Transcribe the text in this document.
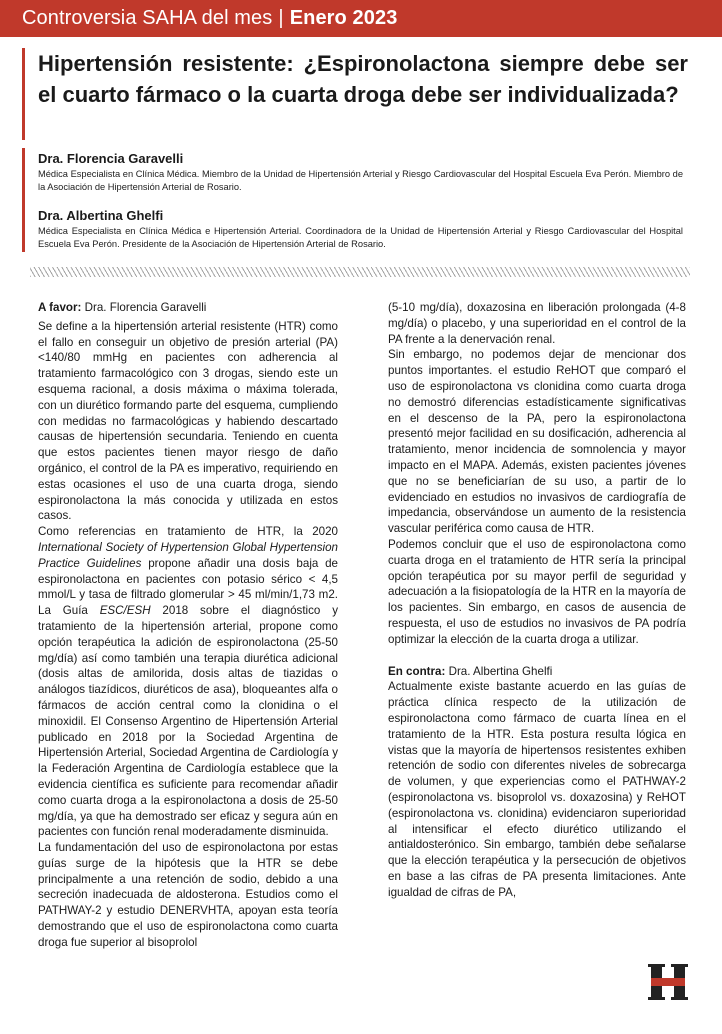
Controversia SAHA del mes | Enero 2023
Hipertensión resistente: ¿Espironolactona siempre debe ser el cuarto fármaco o la cuarta droga debe ser individualizada?
Dra. Florencia Garavelli
Médica Especialista en Clínica Médica. Miembro de la Unidad de Hipertensión Arterial y Riesgo Cardiovascular del Hospital Escuela Eva Perón. Miembro de la Asociación de Hipertensión Arterial de Rosario.
Dra. Albertina Ghelfi
Médica Especialista en Clínica Médica e Hipertensión Arterial. Coordinadora de la Unidad de Hipertensión Arterial y Riesgo Cardiovascular del Hospital Escuela Eva Perón. Presidente de la Asociación de Hipertensión Arterial de Rosario.

A favor: Dra. Florencia Garavelli

Se define a la hipertensión arterial resistente (HTR) como el fallo en conseguir un objetivo de presión arterial (PA) <140/80 mmHg en pacientes con adherencia al tratamiento farmacológico con 3 drogas, siendo este un esquema racional, a dosis máxima o máxima tolerada, con un diurético formando parte del esquema, cumpliendo con medidas no farmacológicas y habiendo descartado causas de hipertensión secundaria. Teniendo en cuenta que estos pacientes tienen mayor riesgo de daño orgánico, el control de la PA es imperativo, requiriendo en estas ocasiones el uso de una cuarta droga, siendo espironolactona la más conocida y utilizada en estos casos.

Como referencias en tratamiento de HTR, la 2020 International Society of Hypertension Global Hypertension Practice Guidelines propone añadir una dosis baja de espironolactona en pacientes con potasio sérico < 4,5 mmol/L y tasa de filtrado glomerular > 45 ml/min/1,73 m2. La Guía ESC/ESH 2018 sobre el diagnóstico y tratamiento de la hipertensión arterial, propone como opción terapéutica la adición de espironolactona (25-50 mg/día) así como también una terapia diurética adicional (dosis altas de amilorida, dosis altas de tiazidas o análogos tiazídicos, diuréticos de asa), bloqueantes alfa o fármacos de acción central como la clonidina o el minoxidil. El Consenso Argentino de Hipertensión Arterial publicado en 2018 por la Sociedad Argentina de Hipertensión Arterial, Sociedad Argentina de Cardiología y la Federación Argentina de Cardiología establece que la evidencia científica es suficiente para recomendar añadir como cuarta droga a la espironolactona a dosis de 25-50 mg/día, ya que ha demostrado ser eficaz y segura aún en pacientes con función renal moderadamente disminuida.

La fundamentación del uso de espironolactona por estas guías surge de la hipótesis que la HTR se debe principalmente a una retención de sodio, debido a una secreción inadecuada de aldosterona. Estudios como el PATHWAY-2 y estudio DENERVHTA, apoyan esta teoría demostrando que el uso de espironolactona como cuarta droga fue superior al bisoprolol

(5-10 mg/día), doxazosina en liberación prolongada (4-8 mg/día) o placebo, y una superioridad en el control de la PA frente a la denervación renal.

Sin embargo, no podemos dejar de mencionar dos puntos importantes. el estudio ReHOT que comparó el uso de espironolactona vs clonidina como cuarta droga no demostró diferencias estadísticamente significativas en el descenso de la PA, pero la espironolactona presentó mejor facilidad en su dosificación, adherencia al tratamiento, menor incidencia de somnolencia y mayor impacto en el MAPA. Además, existen pacientes jóvenes que no se beneficiarían de su uso, a partir de lo evidenciado en estudios no invasivos de cardiografía de impedancia, observándose un aumento de la resistencia vascular periférica como causa de HTR.

Podemos concluir que el uso de espironolactona como cuarta droga en el tratamiento de HTR sería la principal opción terapéutica por su mayor perfil de seguridad y adecuación a la fisiopatología de la HTR en la mayoría de los pacientes. Sin embargo, en casos de ausencia de respuesta, el uso de estudios no invasivos de PA podría optimizar la elección de la cuarta droga a utilizar.

En contra: Dra. Albertina Ghelfi

Actualmente existe bastante acuerdo en las guías de práctica clínica respecto de la utilización de espironolactona como fármaco de cuarta línea en el tratamiento de la HTR. Esta postura resulta lógica en vistas que la mayoría de hipertensos resistentes exhiben retención de sodio con diferentes niveles de sobrecarga de volumen, y que experiencias como el PATHWAY-2 (espironolactona vs. bisoprolol vs. doxazosina) y ReHOT (espironolactona vs. clonidina) evidenciaron superioridad al intensificar el efecto diurético utilizando el antialdosterónico. Sin embargo, también debe señalarse que la elección terapéutica y la persecución de objetivos en base a las cifras de PA presenta limitaciones. Ante igualdad de cifras de PA,
